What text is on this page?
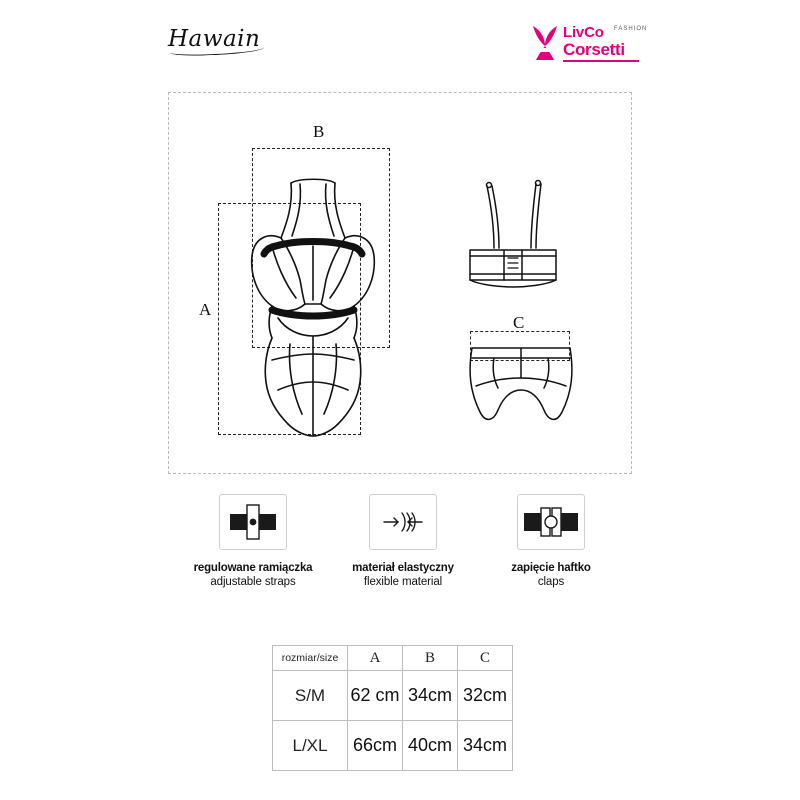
Hawain	LivCo FASHION
Corsetti
A
B
C
regulowane ramiączka
adjustable straps
materiał elastyczny
flexible material
zapięcie haftko
claps
rozmiar/size	A	B	C
S/M	62 cm	34cm	32cm
L/XL	66cm	40cm	34cm
